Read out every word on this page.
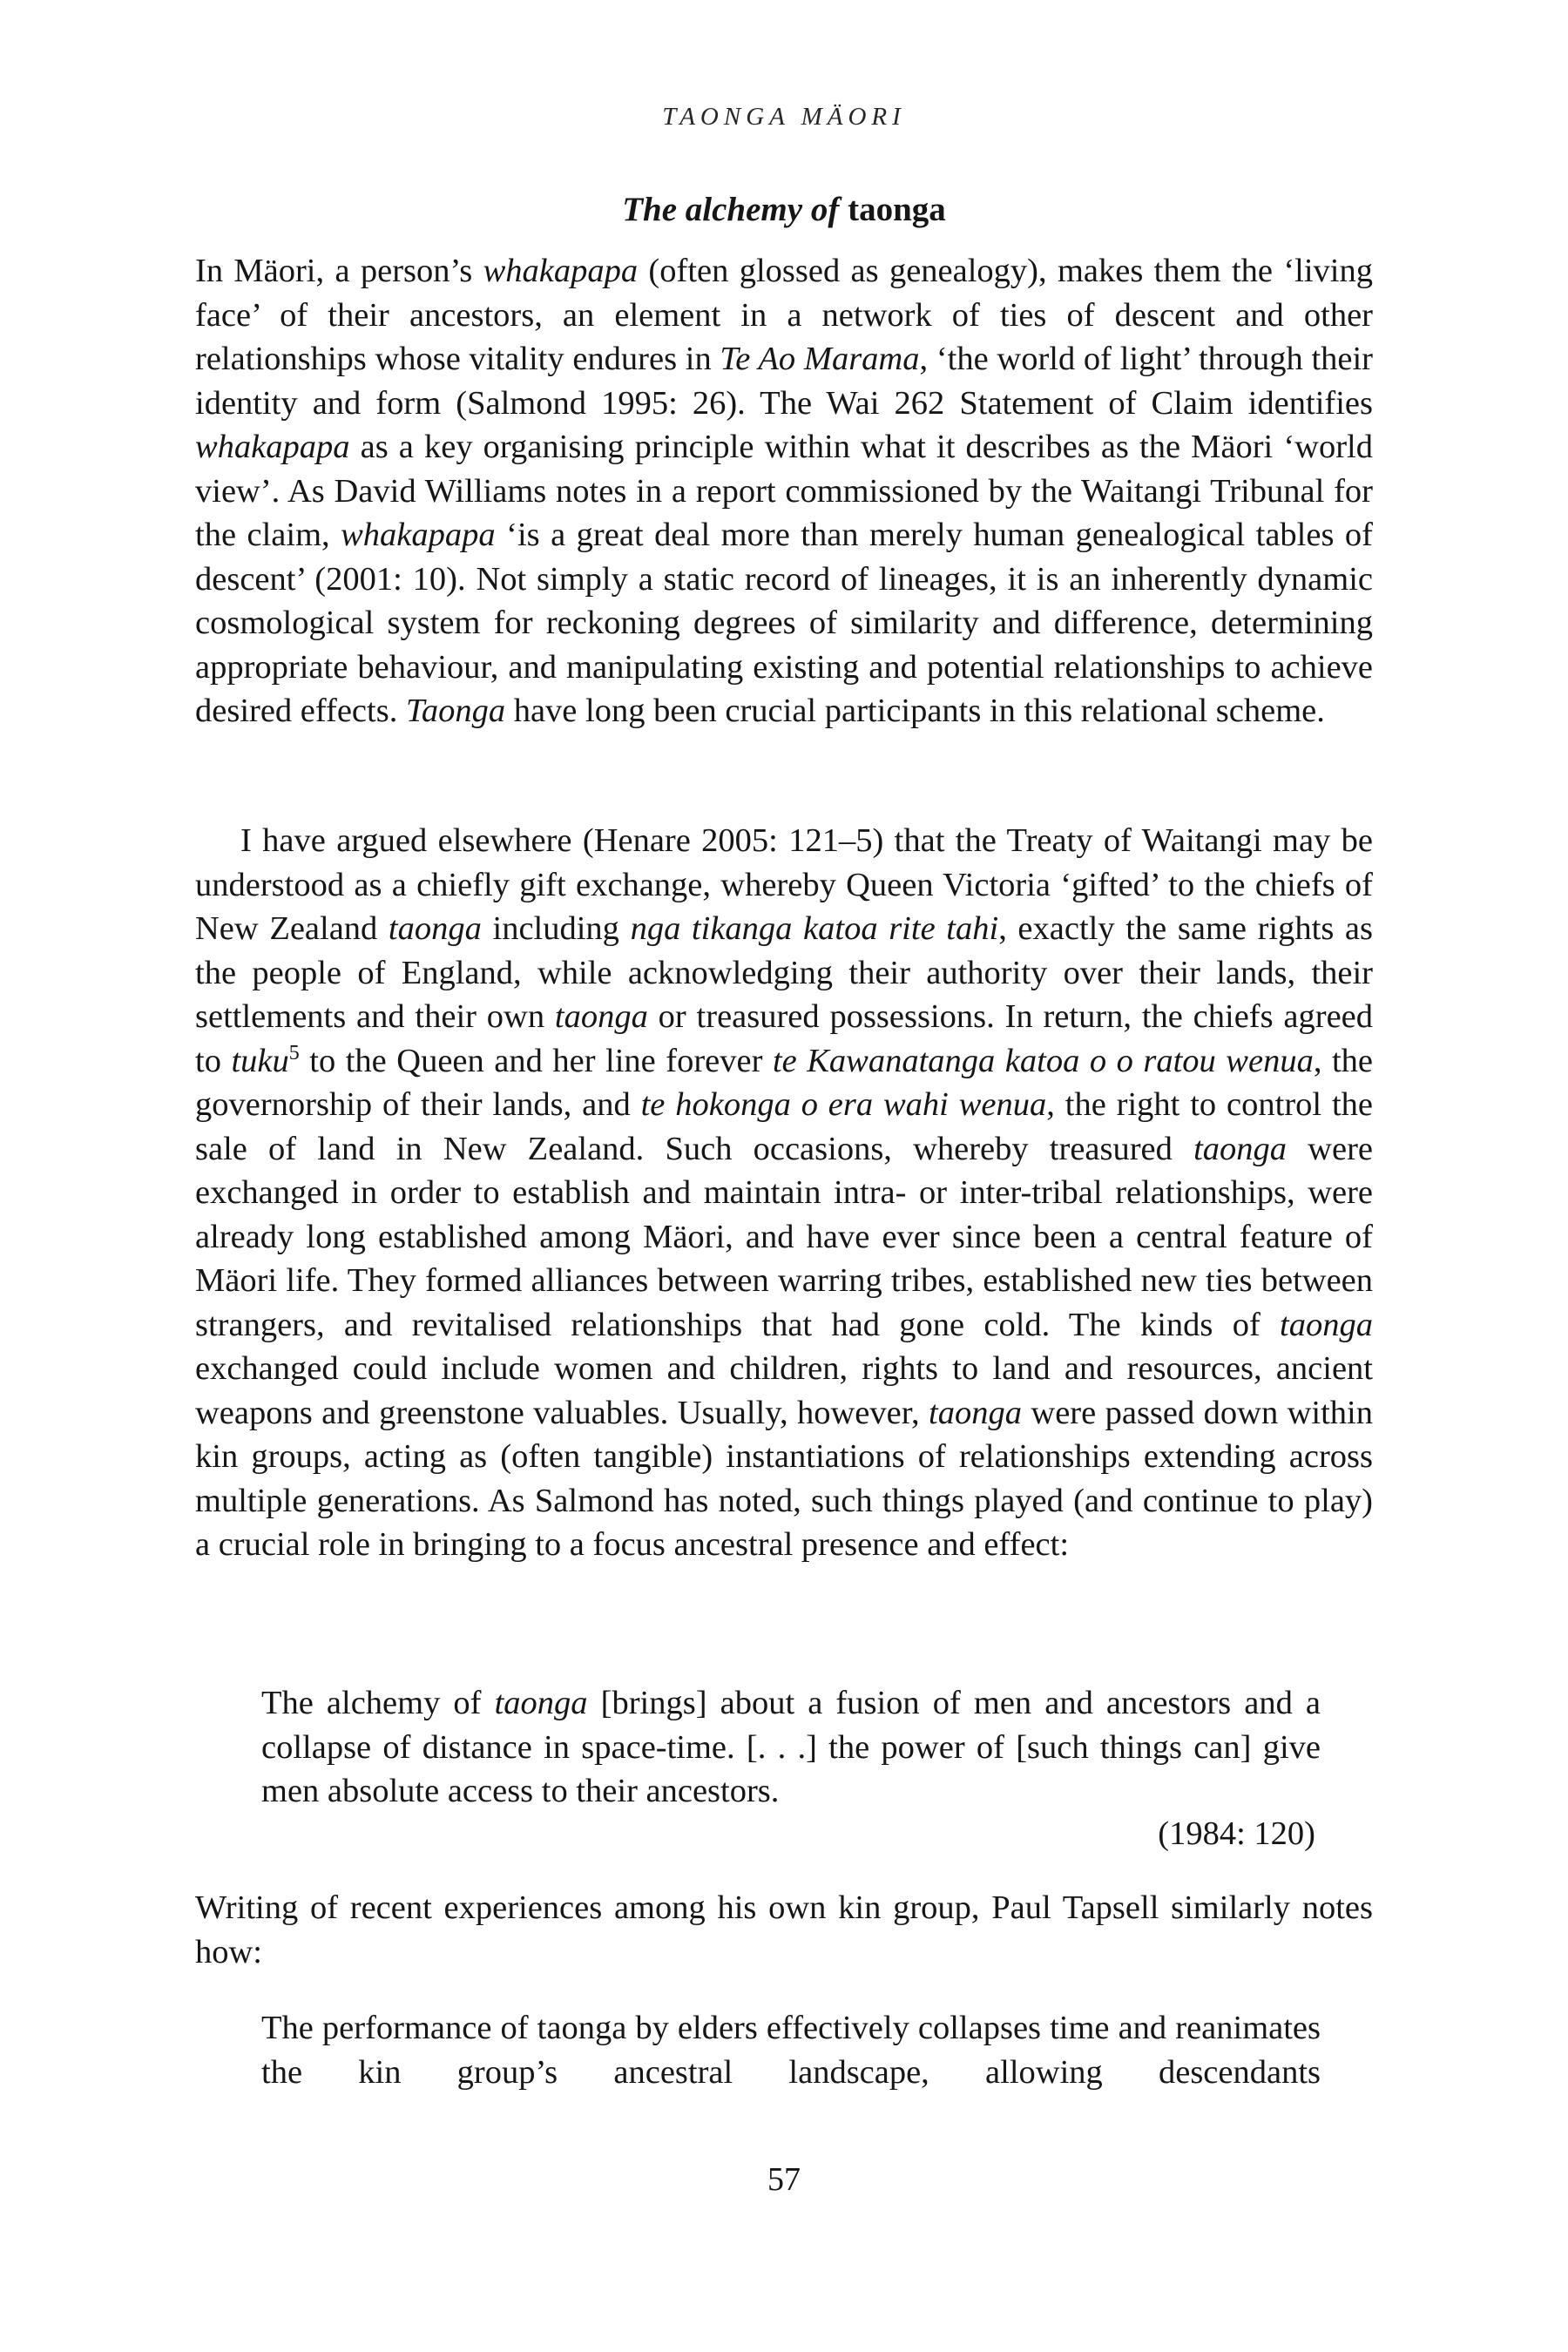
TAONGA MÄORI
The alchemy of taonga

In Mäori, a person’s whakapapa (often glossed as genealogy), makes them the ‘living face’ of their ancestors, an element in a network of ties of descent and other relationships whose vitality endures in Te Ao Marama, ‘the world of light’ through their identity and form (Salmond 1995: 26). The Wai 262 Statement of Claim identifies whakapapa as a key organising principle within what it describes as the Mäori ‘world view’. As David Williams notes in a report commissioned by the Waitangi Tribunal for the claim, whakapapa ‘is a great deal more than merely human genealogical tables of descent’ (2001: 10). Not simply a static record of lineages, it is an inherently dynamic cosmological system for reckoning degrees of similarity and difference, determining appropriate behaviour, and manipulating existing and potential relationships to achieve desired effects. Taonga have long been crucial participants in this relational scheme.

I have argued elsewhere (Henare 2005: 121–5) that the Treaty of Waitangi may be understood as a chiefly gift exchange, whereby Queen Victoria ‘gifted’ to the chiefs of New Zealand taonga including nga tikanga katoa rite tahi, exactly the same rights as the people of England, while acknowledging their authority over their lands, their settlements and their own taonga or treasured possessions. In return, the chiefs agreed to tuku$^5$ to the Queen and her line forever te Kawanatanga katoa o o ratou wenua, the governorship of their lands, and te hokonga o era wahi wenua, the right to control the sale of land in New Zealand. Such occasions, whereby treasured taonga were exchanged in order to establish and maintain intra- or inter-tribal relationships, were already long established among Mäori, and have ever since been a central feature of Mäori life. They formed alliances between warring tribes, established new ties between strangers, and revitalised relationships that had gone cold. The kinds of taonga exchanged could include women and children, rights to land and resources, ancient weapons and greenstone valuables. Usually, however, taonga were passed down within kin groups, acting as (often tangible) instantiations of relationships extending across multiple generations. As Salmond has noted, such things played (and continue to play) a crucial role in bringing to a focus ancestral presence and effect:

The alchemy of taonga [brings] about a fusion of men and ancestors and a collapse of distance in space-time. [. . .] the power of [such things can] give men absolute access to their ancestors.

(1984: 120)

Writing of recent experiences among his own kin group, Paul Tapsell similarly notes how:

The performance of taonga by elders effectively collapses time and reanimates the kin group’s ancestral landscape, allowing descendants

57
